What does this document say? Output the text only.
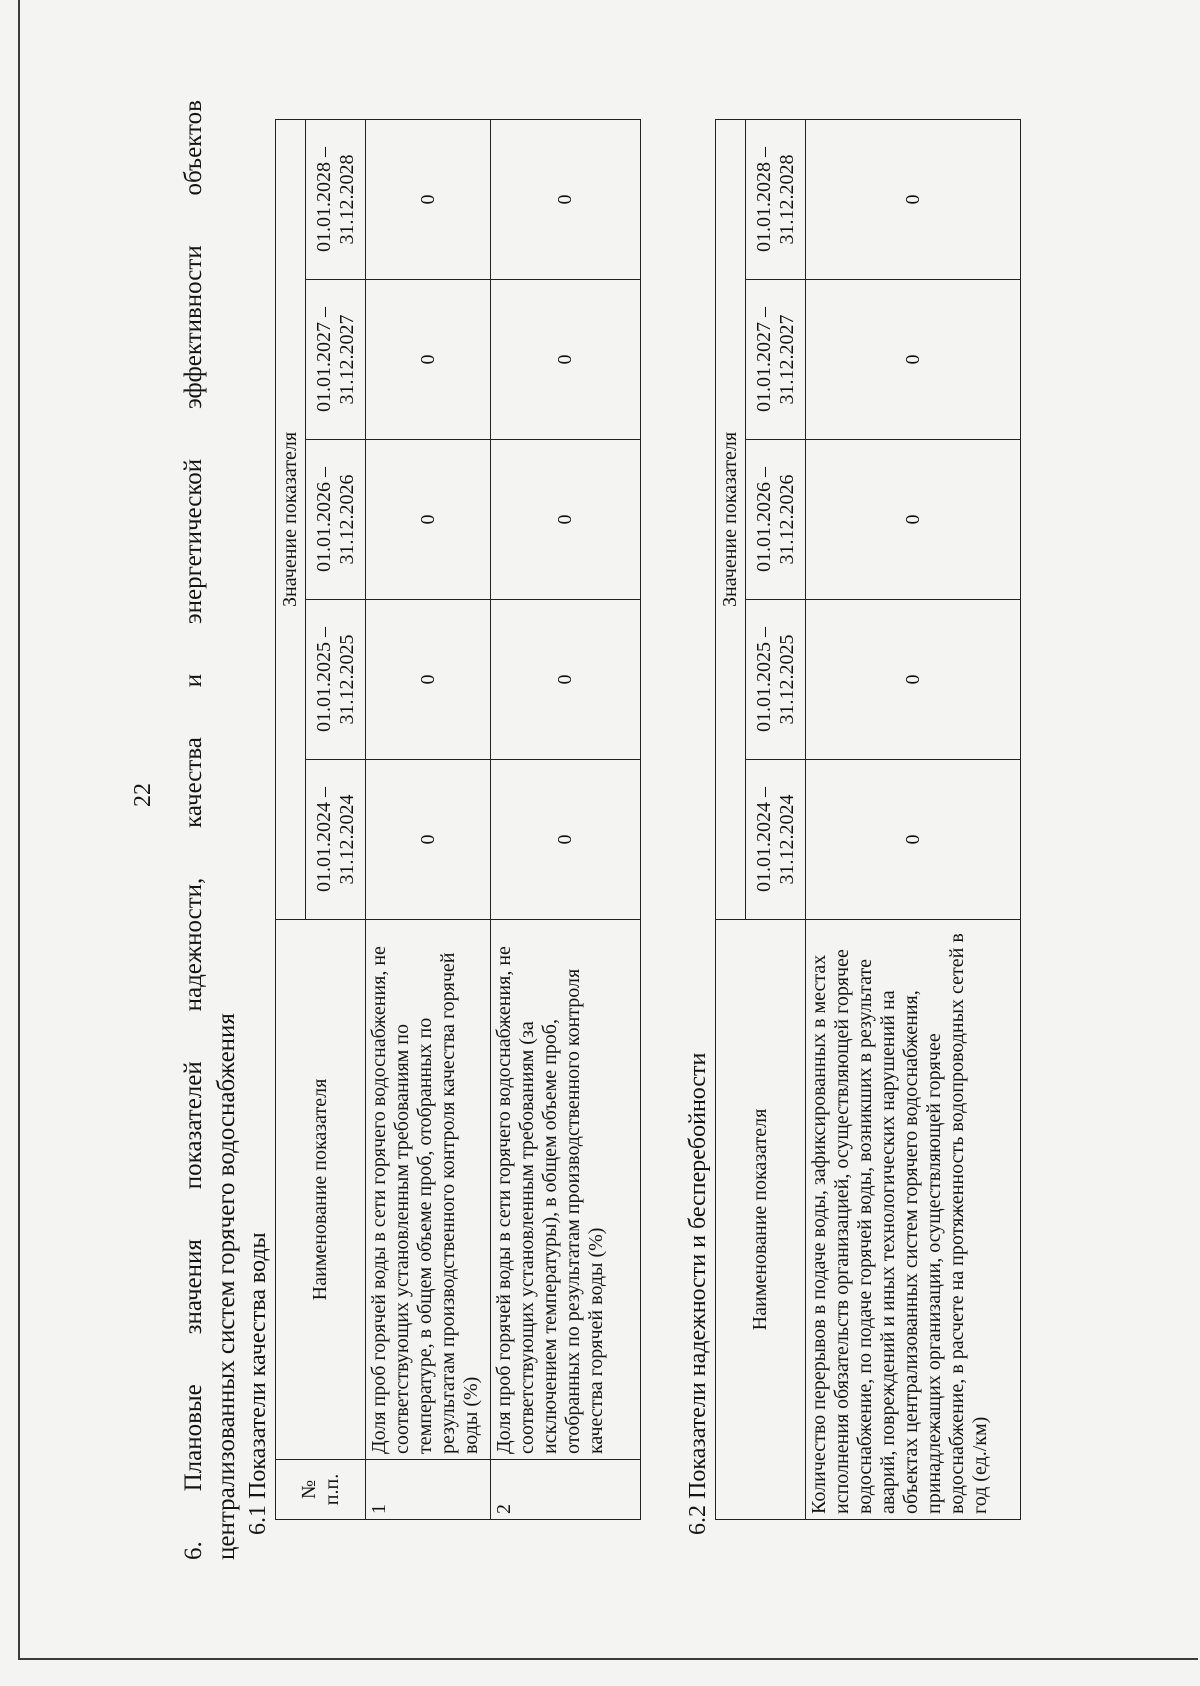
22
6.
Плановые
значения
показателей
надежности,
качества
и
энергетической
эффективности
объектов
централизованных систем горячего водоснабжения 6.1 Показатели качества воды № п.п.	Наименование показателя	Значение показателя				
		01.01.2024 – 31.12.2024	01.01.2025 – 31.12.2025	01.01.2026 – 31.12.2026	01.01.2027 – 31.12.2027	01.01.2028 – 31.12.2028
1	Доля проб горячей воды в сети горячего водоснабжения, не соответствующих установленным требованиям по температуре, в общем объеме проб, отобранных по результатам производственного контроля качества горячей воды (%)	0	0	0	0	0
2	Доля проб горячей воды в сети горячего водоснабжения, не соответствующих установленным требованиям (за исключением температуры), в общем объеме проб, отобранных по результатам производственного контроля качества горячей воды (%)	0	0	0	0	0
6.2 Показатели надежности и бесперебойности Наименование показателя	Значение показателя				
	01.01.2024 – 31.12.2024	01.01.2025 – 31.12.2025	01.01.2026 – 31.12.2026	01.01.2027 – 31.12.2027	01.01.2028 – 31.12.2028
Количество перерывов в подаче воды, зафиксированных в местах исполнения обязательств организацией, осуществляющей горячее водоснабжение, по подаче горячей воды, возникших в результате аварий, повреждений и иных технологических нарушений на объектах централизованных систем горячего водоснабжения, принадлежащих организации, осуществляющей горячее водоснабжение, в расчете на протяженность водопроводных сетей в год (ед./км)	0	0	0	0	0
